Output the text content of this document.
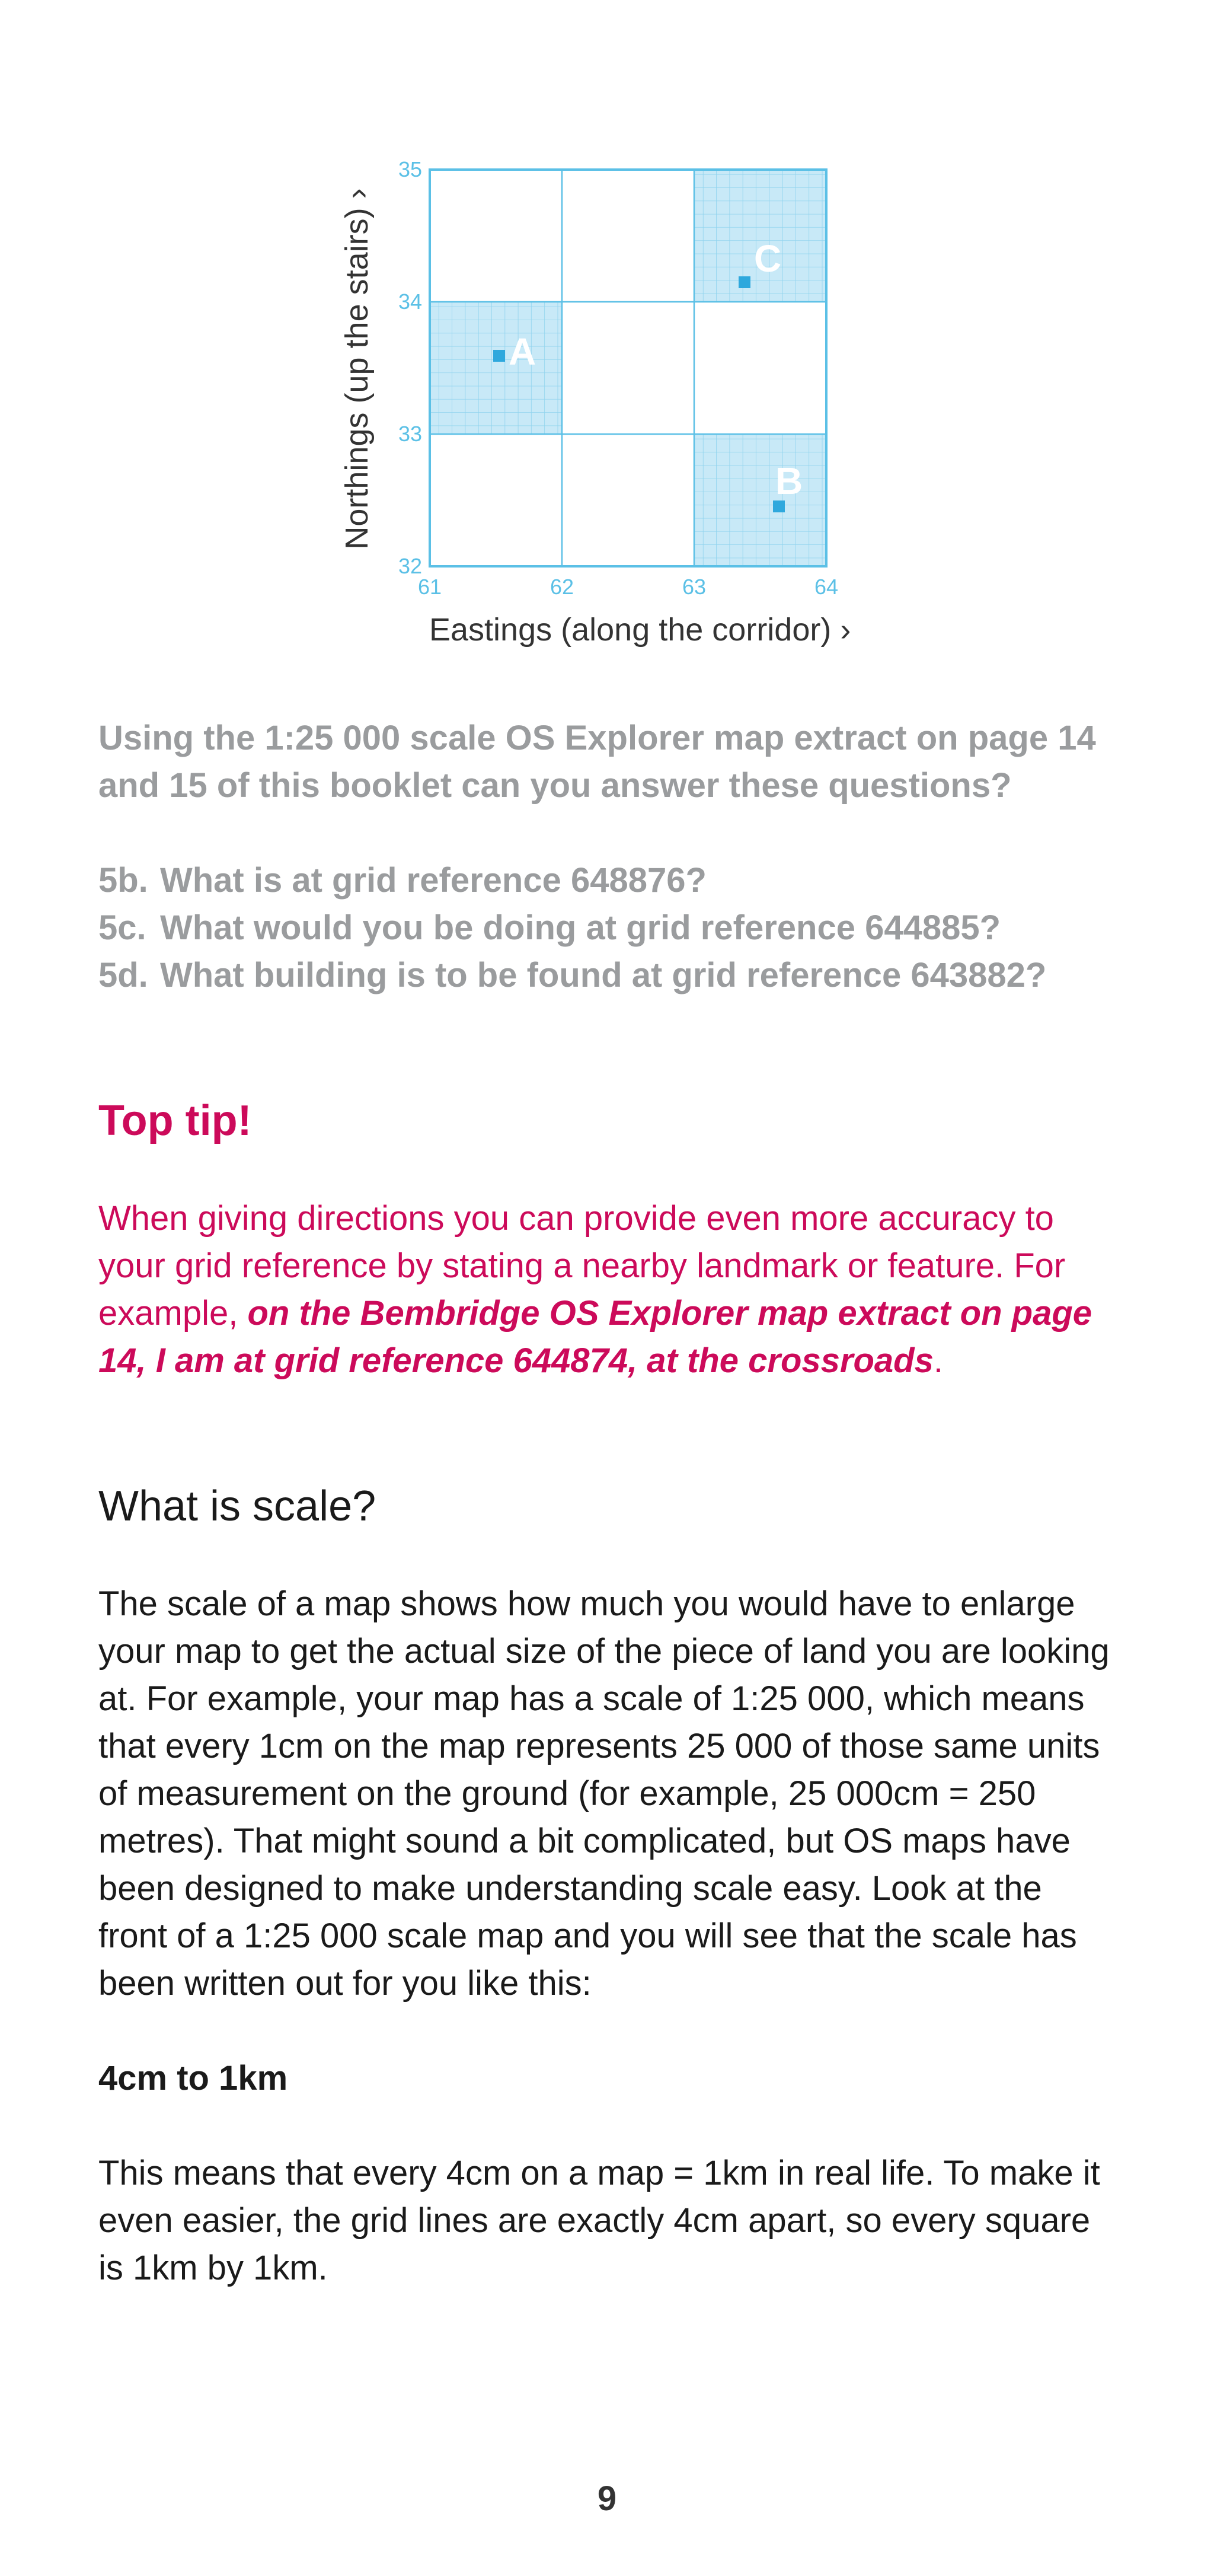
A
C
B
35
34
33
32
61	62	63	64
Eastings (along the corridor) ›
Northings (up the stairs) ›

Using the 1:25 000 scale OS Explorer map extract on page 14 and 15 of this booklet can you answer these questions?

5b. What is at grid reference 648876?
5c. What would you be doing at grid reference 644885?
5d. What building is to be found at grid reference 643882?
Top tip!

When giving directions you can provide even more accuracy to your grid reference by stating a nearby landmark or feature. For example, on the Bembridge OS Explorer map extract on page 14, I am at grid reference 644874, at the crossroads.

What is scale?

The scale of a map shows how much you would have to enlarge your map to get the actual size of the piece of land you are looking at. For example, your map has a scale of 1:25 000, which means that every 1cm on the map represents 25 000 of those same units of measurement on the ground (for example, 25 000cm = 250 metres). That might sound a bit complicated, but OS maps have been designed to make understanding scale easy. Look at the front of a 1:25 000 scale map and you will see that the scale has been written out for you like this:

4cm to 1km

This means that every 4cm on a map = 1km in real life. To make it even easier, the grid lines are exactly 4cm apart, so every square is 1km by 1km.

9
